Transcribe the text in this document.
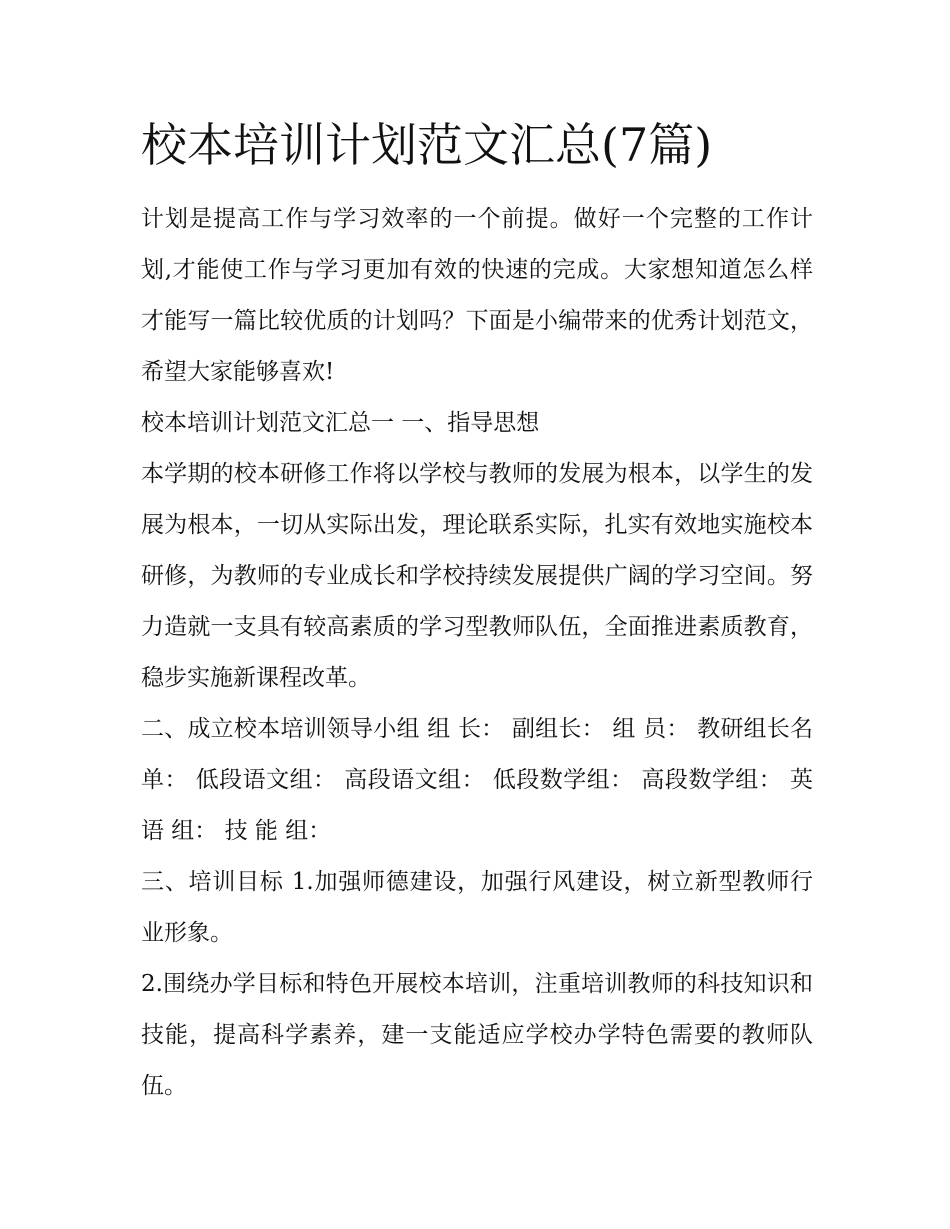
校本培训计划范文汇总(7篇)

计划是提高工作与学习效率的一个前提。做好一个完整的工作计划,才能使工作与学习更加有效的快速的完成。大家想知道怎么样才能写一篇比较优质的计划吗？下面是小编带来的优秀计划范文，希望大家能够喜欢!

校本培训计划范文汇总一 一、指导思想

本学期的校本研修工作将以学校与教师的发展为根本，以学生的发展为根本，一切从实际出发，理论联系实际，扎实有效地实施校本研修，为教师的专业成长和学校持续发展提供广阔的学习空间。努力造就一支具有较高素质的学习型教师队伍，全面推进素质教育，稳步实施新课程改革。

二、成立校本培训领导小组 组 长： 副组长： 组 员： 教研组长名单： 低段语文组： 高段语文组： 低段数学组： 高段数学组： 英 语 组： 技 能 组：

三、培训目标 1.加强师德建设，加强行风建设，树立新型教师行业形象。

2.围绕办学目标和特色开展校本培训，注重培训教师的科技知识和技能，提高科学素养，建一支能适应学校办学特色需要的教师队伍。
